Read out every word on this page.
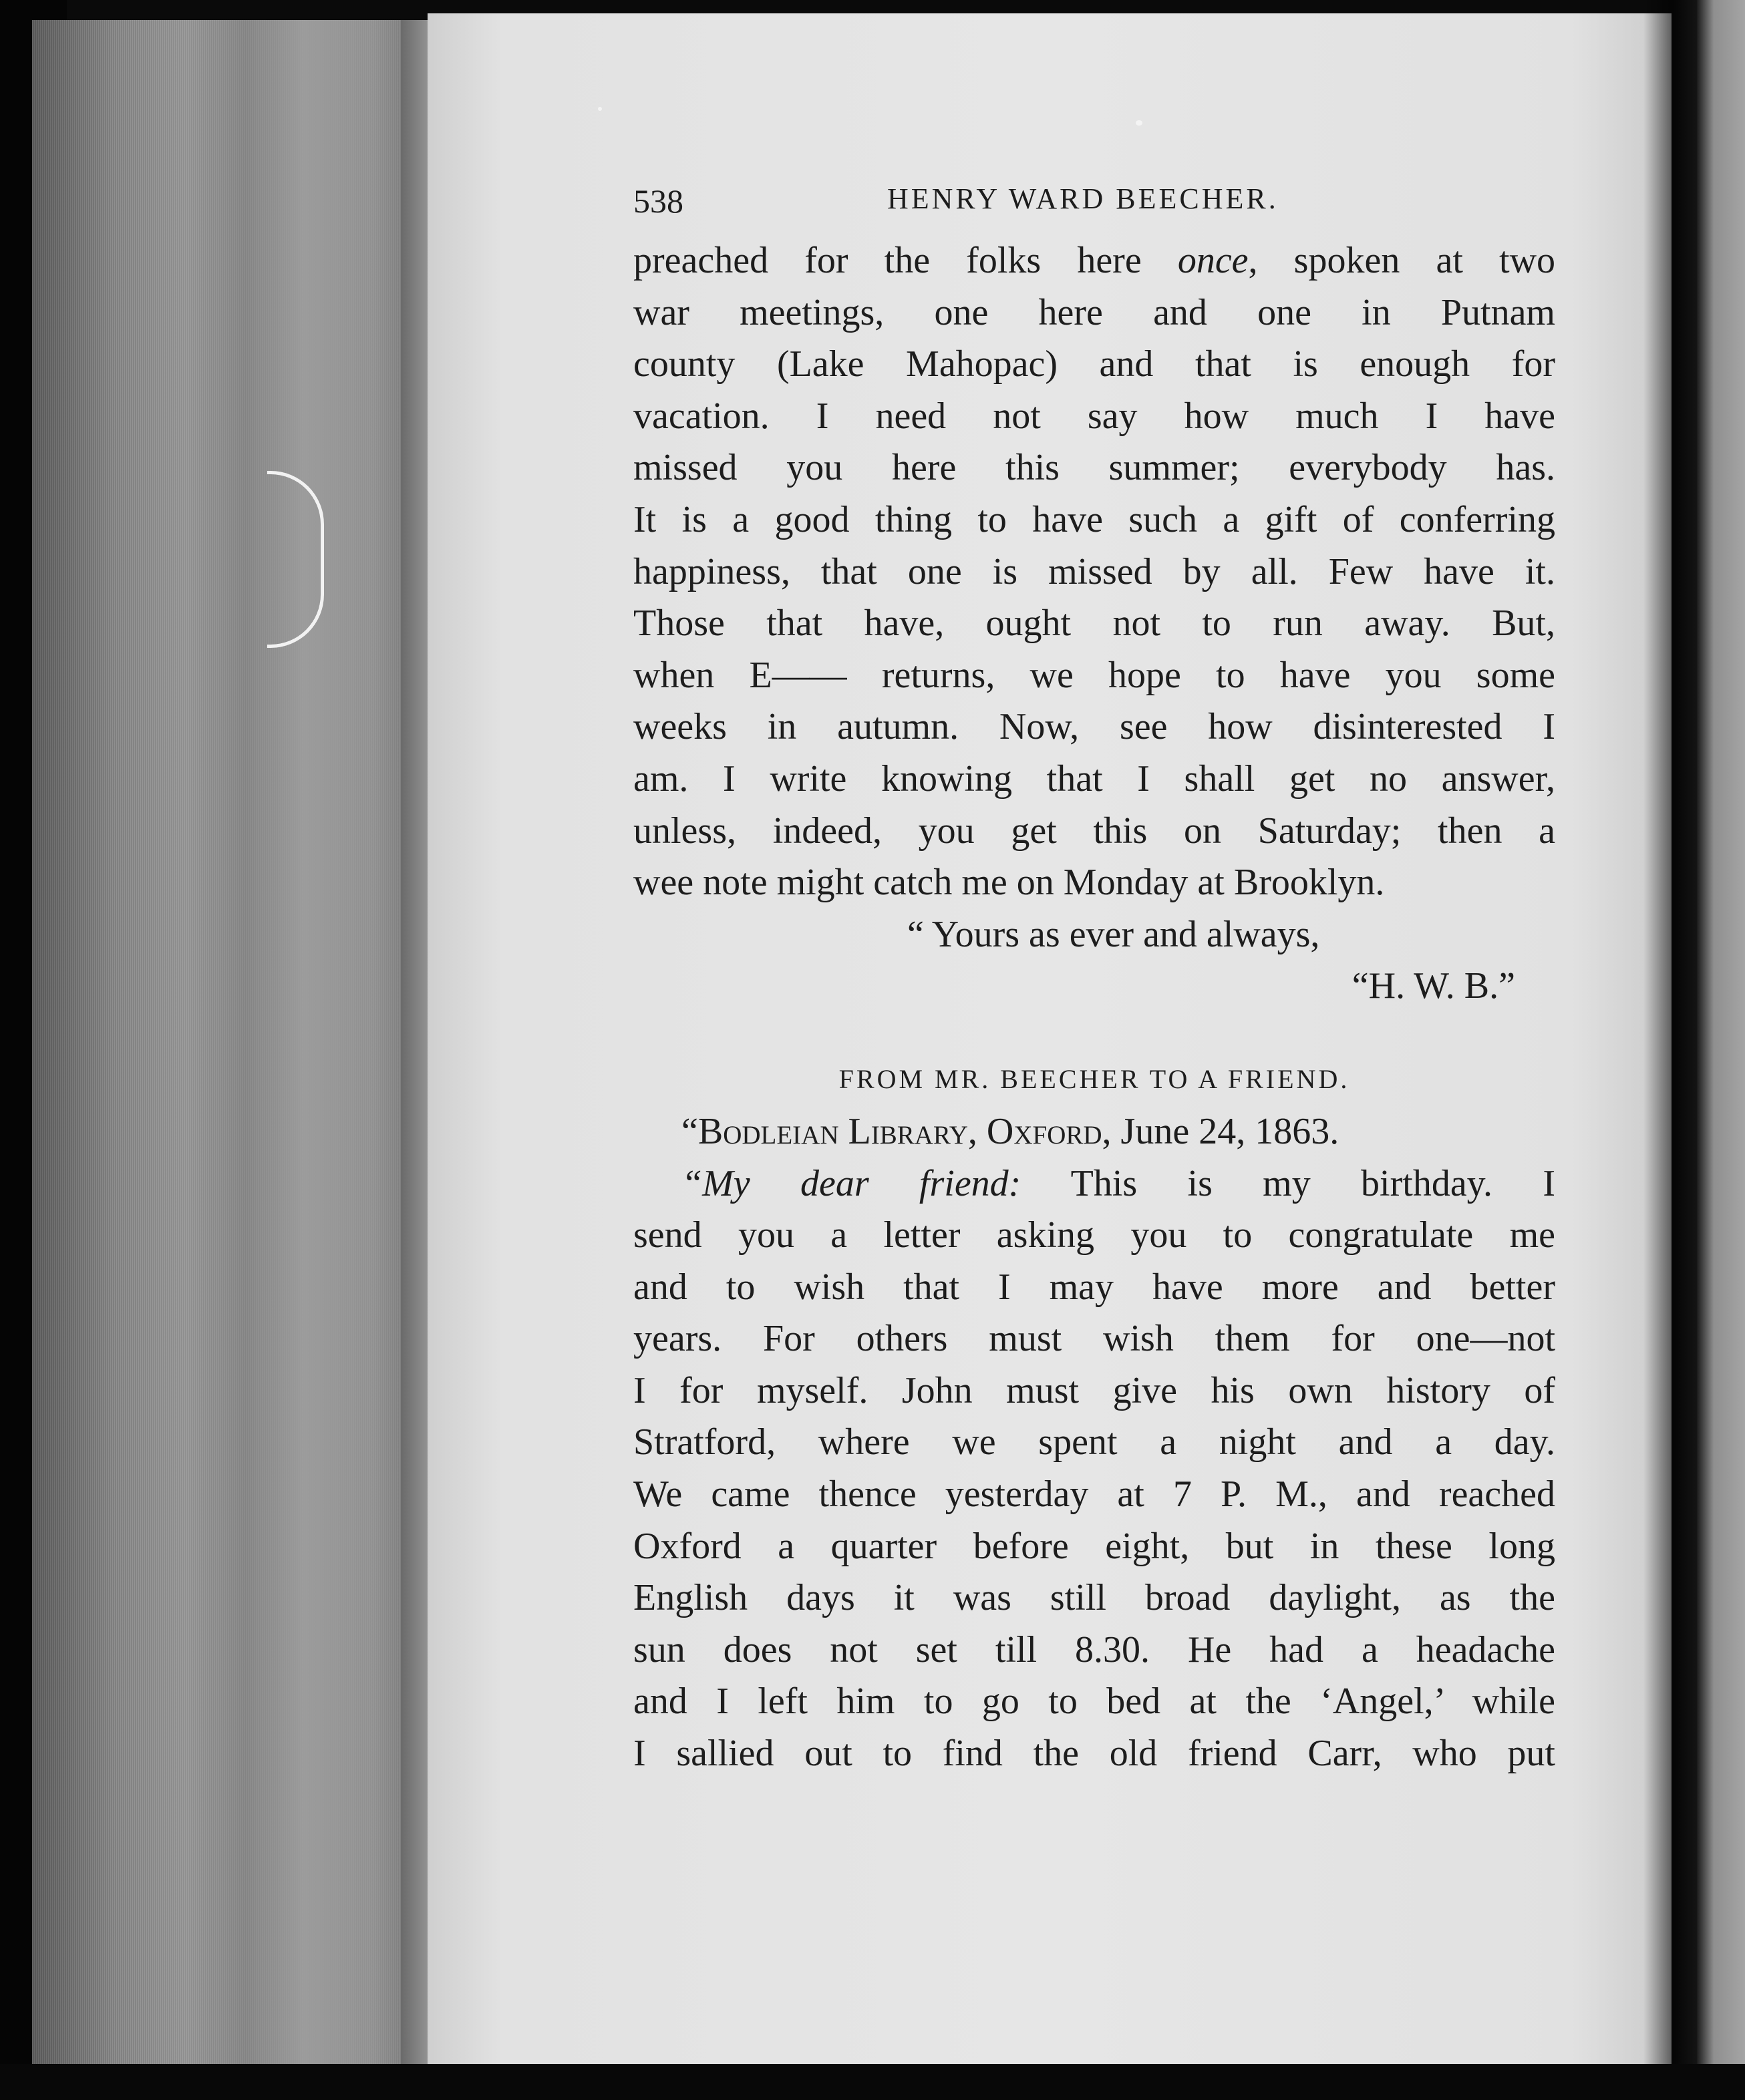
538	HENRY WARD BEECHER.
preached for the folks here once, spoken at two
war meetings, one here and one in Putnam
county (Lake Mahopac) and that is enough for
vacation. I need not say how much I have
missed you here this summer; everybody has.
It is a good thing to have such a gift of conferring
happiness, that one is missed by all. Few have it.
Those that have, ought not to run away. But,
when E—— returns, we hope to have you some
weeks in autumn. Now, see how disinterested I
am. I write knowing that I shall get no answer,
unless, indeed, you get this on Saturday; then a
wee note might catch me on Monday at Brooklyn.
“ Yours as ever and always,
“H. W. B.”
FROM MR. BEECHER TO A FRIEND.
“Bodleian Library, Oxford, June 24, 1863.
“My dear friend: This is my birthday. I
send you a letter asking you to congratulate me
and to wish that I may have more and better
years. For others must wish them for one—not
I for myself. John must give his own history of
Stratford, where we spent a night and a day.
We came thence yesterday at 7 P. M., and reached
Oxford a quarter before eight, but in these long
English days it was still broad daylight, as the
sun does not set till 8.30. He had a headache
and I left him to go to bed at the ‘Angel,’ while
I sallied out to find the old friend Carr, who put
